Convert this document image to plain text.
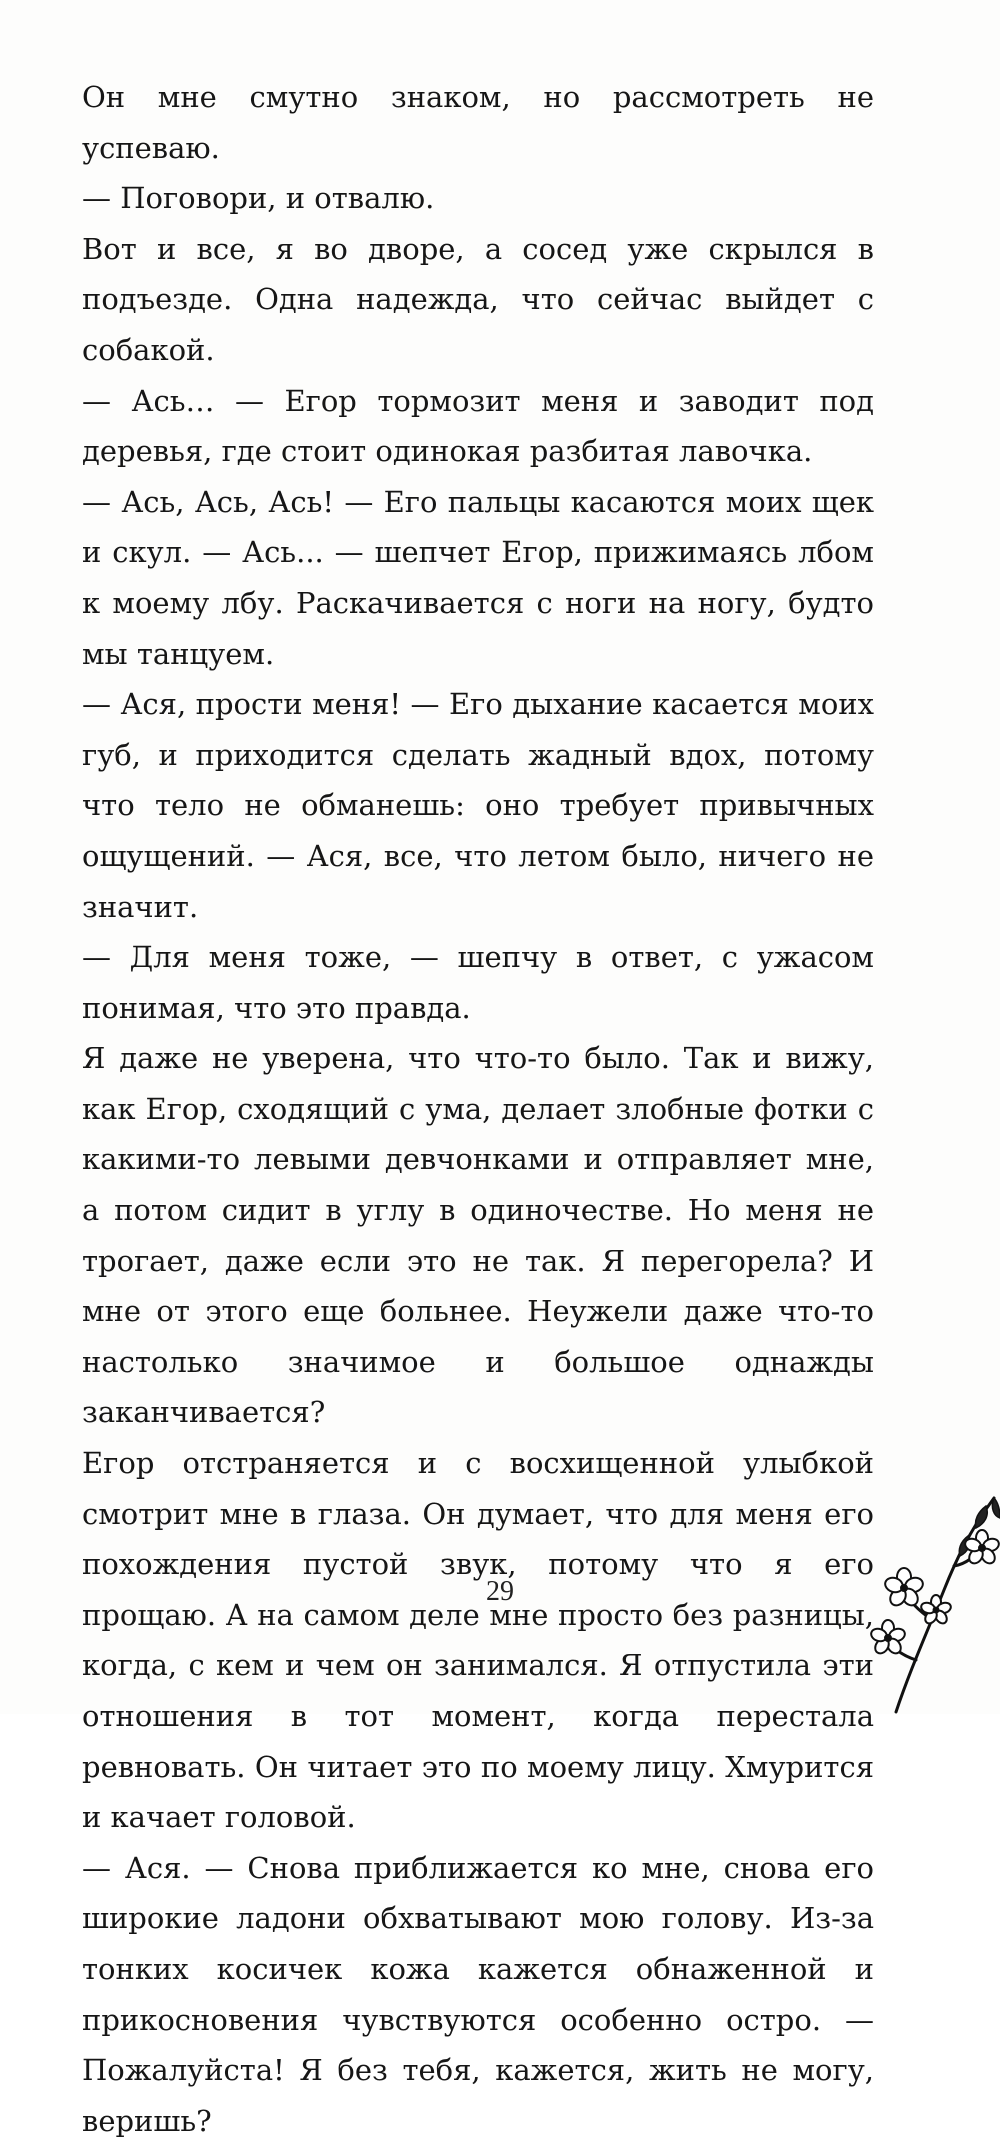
Он мне смутно знаком, но рассмотреть не успеваю.

— Поговори, и отвалю.

Вот и все, я во дворе, а сосед уже скрылся в подъезде. Одна надежда, что сейчас выйдет с собакой.

— Ась… — Егор тормозит меня и заводит под деревья, где стоит одинокая разбитая лавочка.

— Ась, Ась, Ась! — Его пальцы касаются моих щек и скул. — Ась... — шепчет Егор, прижимаясь лбом к моему лбу. Раскачивается с ноги на ногу, будто мы танцуем.

— Ася, прости меня! — Его дыхание касается моих губ, и приходится сделать жадный вдох, потому что тело не обманешь: оно требует привычных ощущений. — Ася, все, что летом было, ничего не значит.

— Для меня тоже, — шепчу в ответ, с ужасом понимая, что это правда.

Я даже не уверена, что что-то было. Так и вижу, как Егор, сходящий с ума, делает злобные фотки с какими-то левыми девчонками и отправляет мне, а потом сидит в углу в одиночестве. Но меня не трогает, даже если это не так. Я перегорела? И мне от этого еще больнее. Неужели даже что-то настолько значимое и большое однажды заканчивается?

Егор отстраняется и с восхищенной улыбкой смотрит мне в глаза. Он думает, что для меня его похождения пустой звук, потому что я его прощаю. А на самом деле мне просто без разницы, когда, с кем и чем он занимался. Я отпустила эти отношения в тот момент, когда перестала ревновать. Он читает это по моему лицу. Хмурится и качает головой.

— Ася. — Снова приближается ко мне, снова его широкие ладони обхватывают мою голову. Из-за тонких косичек кожа кажется обнаженной и прикосновения чувствуются особенно остро. — Пожалуйста! Я без тебя, кажется, жить не могу, веришь?

29
